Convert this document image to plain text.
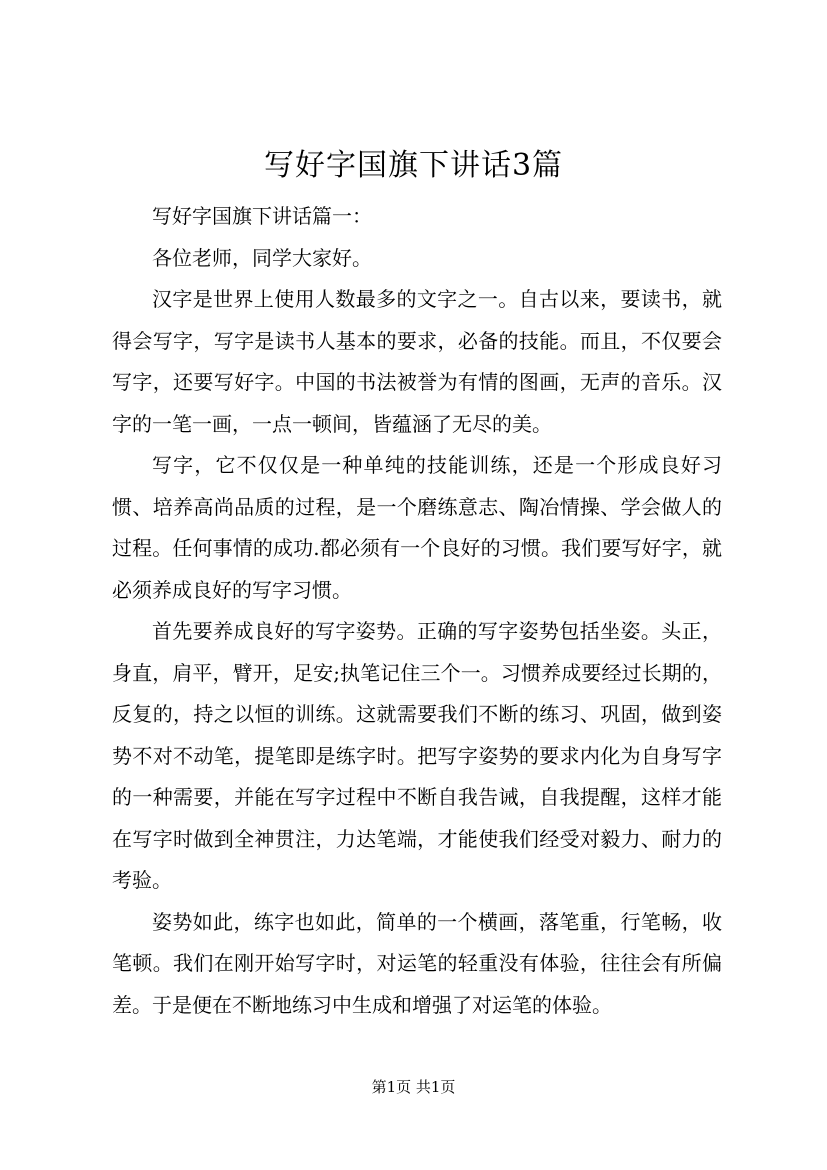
写好字国旗下讲话3篇

写好字国旗下讲话篇一：

各位老师，同学大家好。

汉字是世界上使用人数最多的文字之一。自古以来，要读书，就得会写字，写字是读书人基本的要求，必备的技能。而且，不仅要会写字，还要写好字。中国的书法被誉为有情的图画，无声的音乐。汉字的一笔一画，一点一顿间，皆蕴涵了无尽的美。

写字，它不仅仅是一种单纯的技能训练，还是一个形成良好习惯、培养高尚品质的过程，是一个磨练意志、陶冶情操、学会做人的过程。任何事情的成功.都必须有一个良好的习惯。我们要写好字，就必须养成良好的写字习惯。

首先要养成良好的写字姿势。正确的写字姿势包括坐姿。头正，身直，肩平，臂开，足安;执笔记住三个一。习惯养成要经过长期的，反复的，持之以恒的训练。这就需要我们不断的练习、巩固，做到姿势不对不动笔，提笔即是练字时。把写字姿势的要求内化为自身写字的一种需要，并能在写字过程中不断自我告诫，自我提醒，这样才能在写字时做到全神贯注，力达笔端，才能使我们经受对毅力、耐力的考验。

姿势如此，练字也如此，简单的一个横画，落笔重，行笔畅，收笔顿。我们在刚开始写字时，对运笔的轻重没有体验，往往会有所偏差。于是便在不断地练习中生成和增强了对运笔的体验。

第1页 共1页
